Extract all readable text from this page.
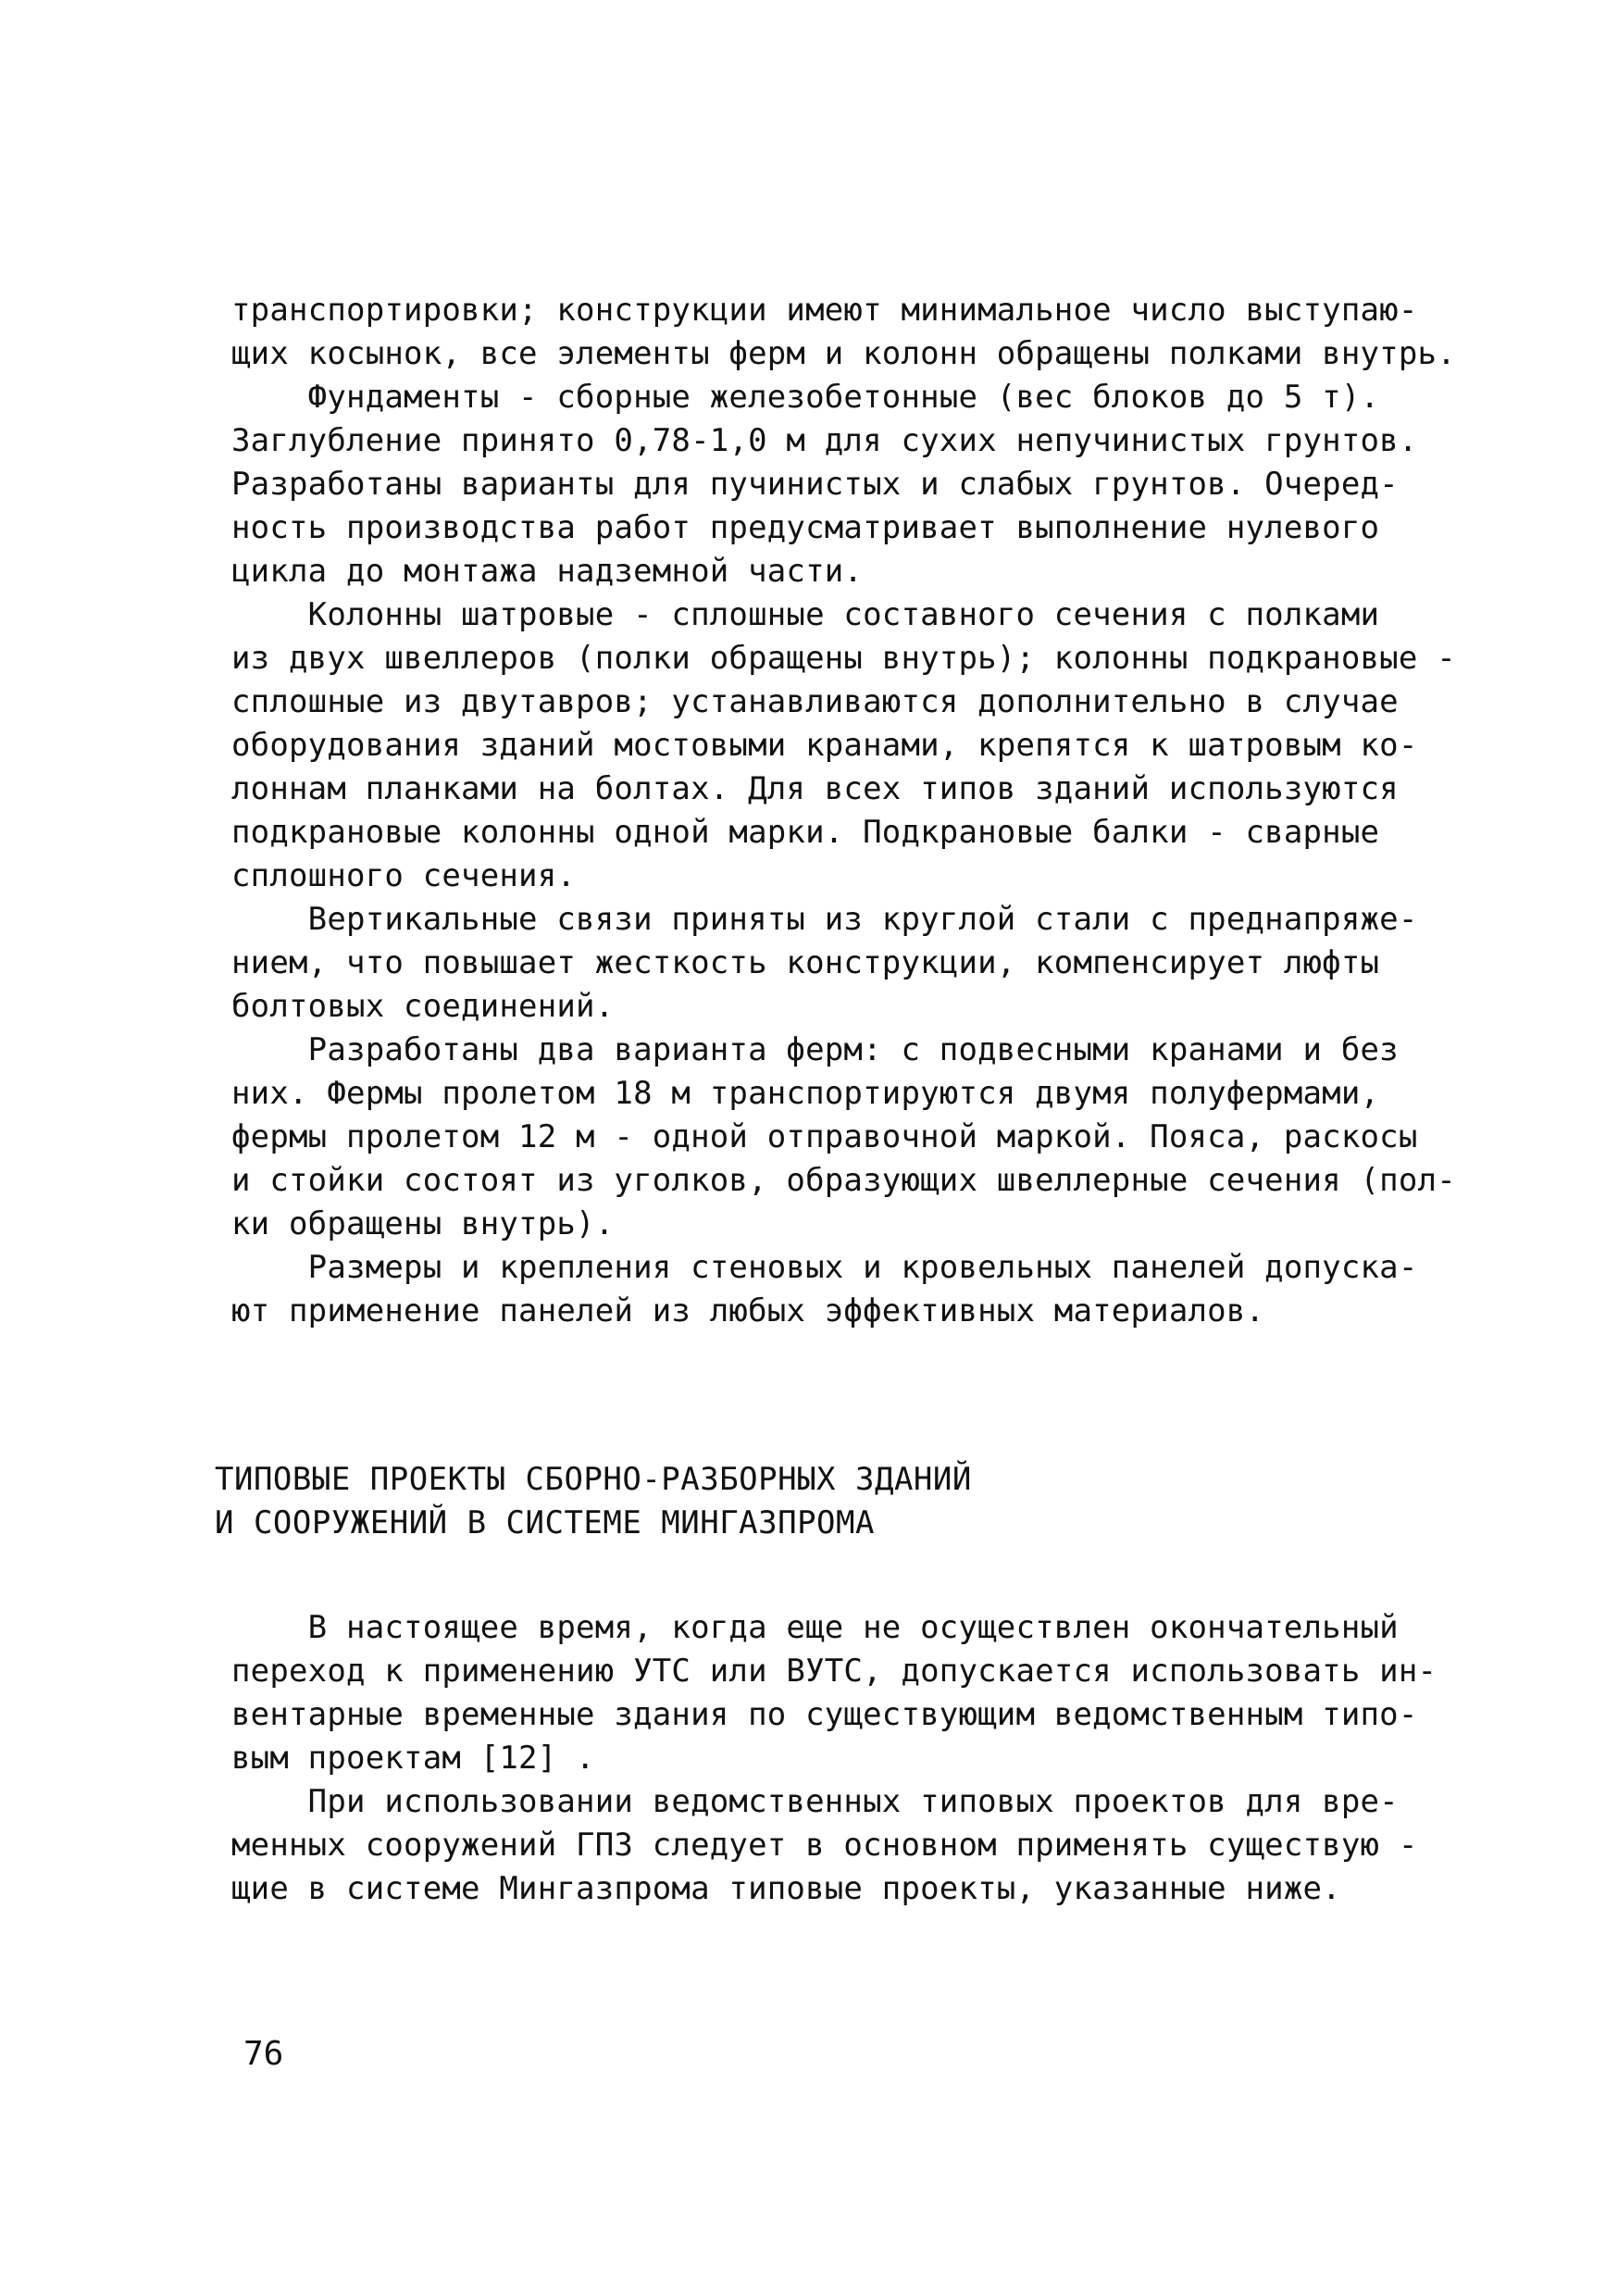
транспортировки; конструкции имеют минимальное число выступаю-
щих косынок, все элементы ферм и колонн обращены полками внутрь.
Фундаменты - сборные железобетонные (вес блоков до 5 т).
Заглубление принято 0,78-1,0 м для сухих непучинистых грунтов.
Разработаны варианты для пучинистых и слабых грунтов. Очеред-
ность производства работ предусматривает выполнение нулевого
цикла до монтажа надземной части.
Колонны шатровые - сплошные составного сечения с полками
из двух швеллеров (полки обращены внутрь); колонны подкрановые -
сплошные из двутавров; устанавливаются дополнительно в случае
оборудования зданий мостовыми кранами, крепятся к шатровым ко-
лоннам планками на болтах. Для всех типов зданий используются
подкрановые колонны одной марки. Подкрановые балки - сварные
сплошного сечения.
Вертикальные связи приняты из круглой стали с преднапряже-
нием, что повышает жесткость конструкции, компенсирует люфты
болтовых соединений.
Разработаны два варианта ферм: с подвесными кранами и без
них. Фермы пролетом 18 м транспортируются двумя полуфермами,
фермы пролетом 12 м - одной отправочной маркой. Пояса, раскосы
и стойки состоят из уголков, образующих швеллерные сечения (пол-
ки обращены внутрь).
Размеры и крепления стеновых и кровельных панелей допуска-
ют применение панелей из любых эффективных материалов.
ТИПОВЫЕ ПРОЕКТЫ СБОРНО-РАЗБОРНЫХ ЗДАНИЙ
И СООРУЖЕНИЙ В СИСТЕМЕ МИНГАЗПРОМА
В настоящее время, когда еще не осуществлен окончательный
переход к применению УТС или ВУТС, допускается использовать ин-
вентарные временные здания по существующим ведомственным типо-
вым проектам [12] .
При использовании ведомственных типовых проектов для вре-
менных сооружений ГПЗ следует в основном применять существую -
щие в системе Мингазпрома типовые проекты, указанные ниже.
76
